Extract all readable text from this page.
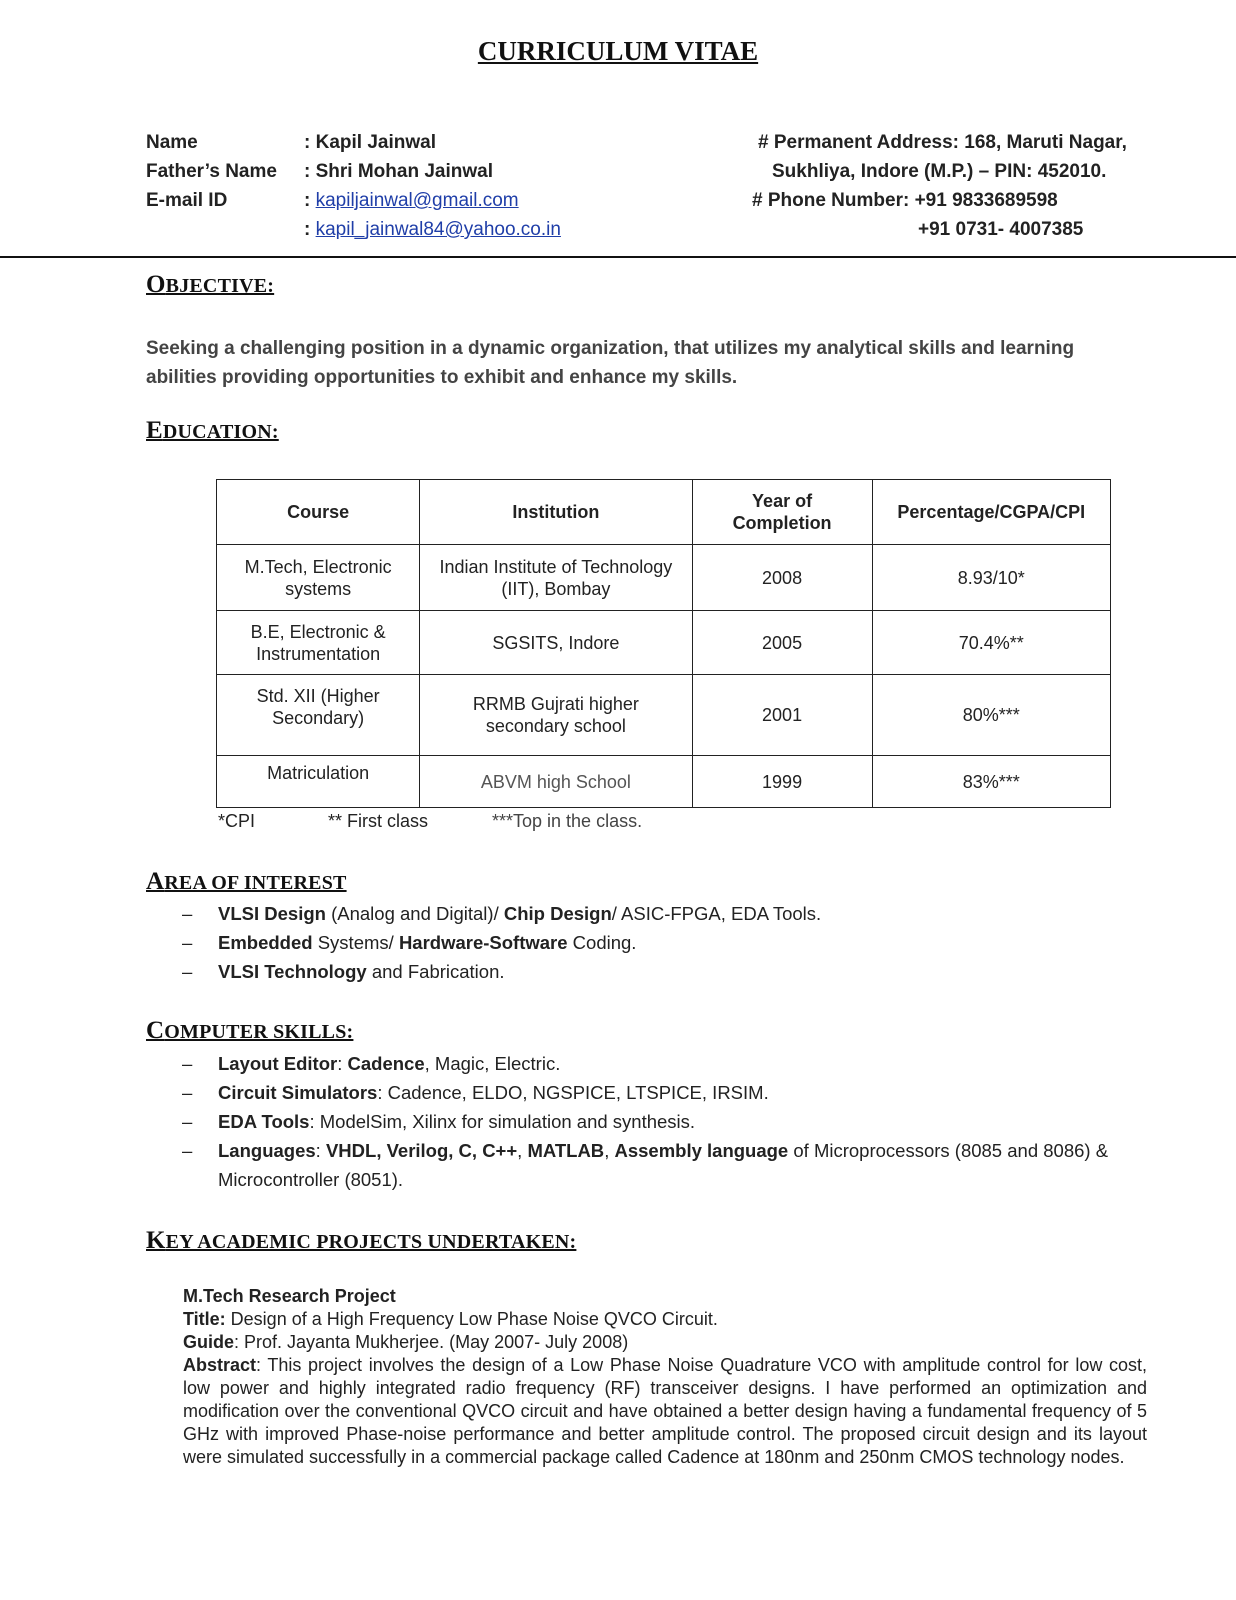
CURRICULUM VITAE
Name	: Kapil Jainwal
Father’s Name : Shri Mohan Jainwal
E-mail ID	: kapiljainwal@gmail.com
: kapil_jainwal84@yahoo.co.in
# Permanent Address: 168, Maruti Nagar,
Sukhliya, Indore (M.P.) – PIN: 452010.
# Phone Number: +91 9833689598
+91 0731- 4007385
OBJECTIVE:
Seeking a challenging position in a dynamic organization, that utilizes my analytical skills and learning abilities providing opportunities to exhibit and enhance my skills.
EDUCATION:
Course	Institution	Year of Completion	Percentage/CGPA/CPI
M.Tech, Electronic systems	Indian Institute of Technology (IIT), Bombay	2008	8.93/10*
B.E, Electronic & Instrumentation	SGSITS, Indore	2005	70.4%**
Std. XII (Higher Secondary)	RRMB Gujrati higher secondary school	2001	80%***
Matriculation	ABVM high School	1999	83%***
*CPI	** First class	***Top in the class.
AREA OF INTEREST
– VLSI Design (Analog and Digital)/ Chip Design/ ASIC-FPGA, EDA Tools.
– Embedded Systems/ Hardware-Software Coding.
– VLSI Technology and Fabrication.
COMPUTER SKILLS:
– Layout Editor: Cadence, Magic, Electric.
– Circuit Simulators: Cadence, ELDO, NGSPICE, LTSPICE, IRSIM.
– EDA Tools: ModelSim, Xilinx for simulation and synthesis.
– Languages: VHDL, Verilog, C, C++, MATLAB, Assembly language of Microprocessors (8085 and 8086) & Microcontroller (8051).
KEY ACADEMIC PROJECTS UNDERTAKEN:
M.Tech Research Project
Title: Design of a High Frequency Low Phase Noise QVCO Circuit.
Guide: Prof. Jayanta Mukherjee. (May 2007- July 2008)
Abstract: This project involves the design of a Low Phase Noise Quadrature VCO with amplitude control for low cost, low power and highly integrated radio frequency (RF) transceiver designs. I have performed an optimization and modification over the conventional QVCO circuit and have obtained a better design having a fundamental frequency of 5 GHz with improved Phase-noise performance and better amplitude control. The proposed circuit design and its layout were simulated successfully in a commercial package called Cadence at 180nm and 250nm CMOS technology nodes.
